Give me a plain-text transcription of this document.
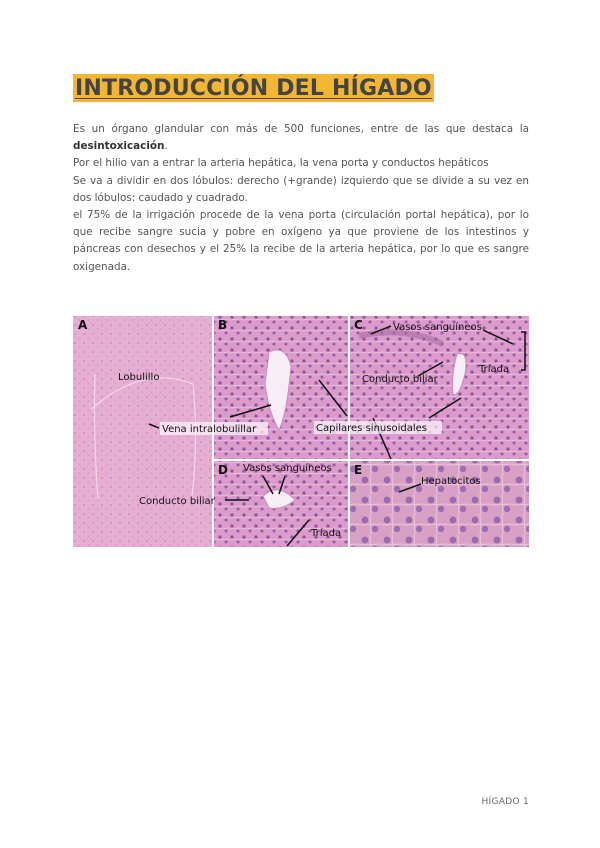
INTRODUCCIÓN DEL HÍGADO

Es un órgano glandular con más de 500 funciones, entre de las que destaca la desintoxicación.

Por el hilio van a entrar la arteria hepática, la vena porta y conductos hepáticos

Se va a dividir en dos lóbulos: derecho (+grande) izquierdo que se divide a su vez en dos lóbulos: caudado y cuadrado.

el 75% de la irrigación procede de la vena porta (circulación portal hepática), por lo que recibe sangre sucia y pobre en oxígeno ya que proviene de los intestinos y páncreas con desechos y el 25% la recibe de la arteria hepática, por lo que es sangre oxigenada.

A
Lobulillo
B	C	Vasos sanguíneos
Tríada
Conducto biliar
D Vasos sanguíneos
Conducto biliar
Tríada
E
Hepatocitos
Vena intralobulillar	Capilares sinusoidales
HÍGADO 1
